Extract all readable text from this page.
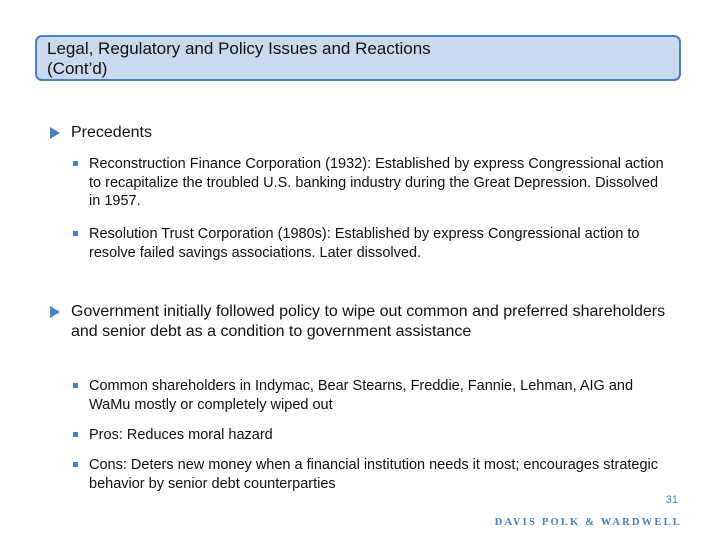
Legal, Regulatory and Policy Issues and Reactions
(Cont’d)
Precedents
Reconstruction Finance Corporation (1932): Established by express Congressional action to recapitalize the troubled U.S. banking industry during the Great Depression. Dissolved in 1957.
Resolution Trust Corporation (1980s): Established by express Congressional action to resolve failed savings associations. Later dissolved.
Government initially followed policy to wipe out common and preferred shareholders and senior debt as a condition to government assistance
Common shareholders in Indymac, Bear Stearns, Freddie, Fannie, Lehman, AIG and WaMu mostly or completely wiped out
Pros: Reduces moral hazard
Cons: Deters new money when a financial institution needs it most; encourages strategic behavior by senior debt counterparties
31
DAVIS POLK & WARDWELL
